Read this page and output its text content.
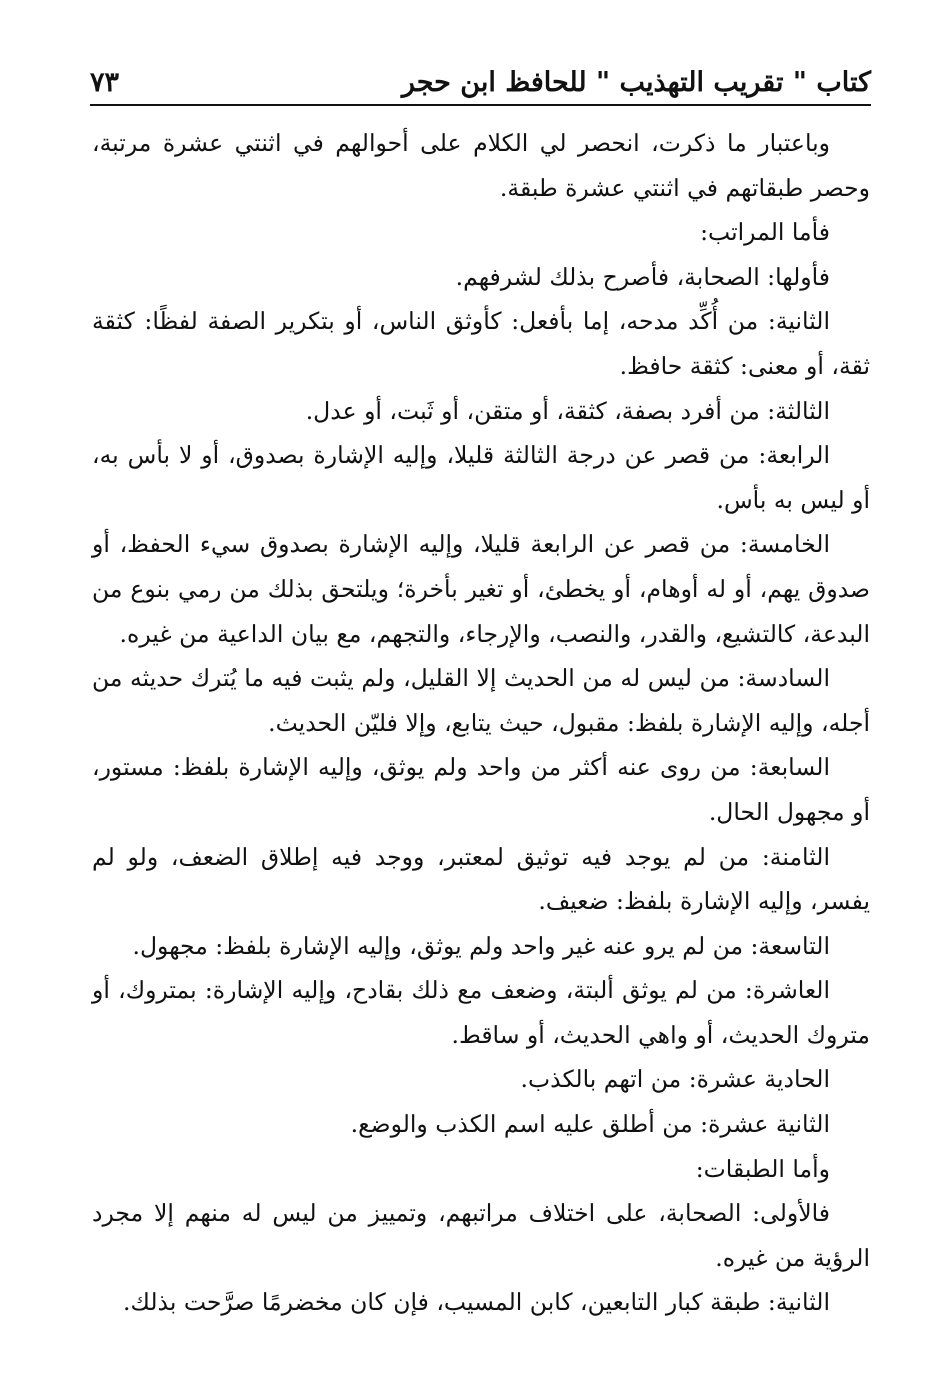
كتاب " تقريب التهذيب " للحافظ ابن حجر
٧٣

وباعتبار ما ذكرت، انحصر لي الكلام على أحوالهم في اثنتي عشرة مرتبة، وحصر طبقاتهم في اثنتي عشرة طبقة.

فأما المراتب:

فأولها: الصحابة، فأصرح بذلك لشرفهم.

الثانية: من أُكِّد مدحه، إما بأفعل: كأوثق الناس، أو بتكرير الصفة لفظًا: كثقة ثقة، أو معنى: كثقة حافظ.

الثالثة: من أفرد بصفة، كثقة، أو متقن، أو ثَبت، أو عدل.

الرابعة: من قصر عن درجة الثالثة قليلا، وإليه الإشارة بصدوق، أو لا بأس به، أو ليس به بأس.

الخامسة: من قصر عن الرابعة قليلا، وإليه الإشارة بصدوق سيء الحفظ، أو صدوق يهم، أو له أوهام، أو يخطئ، أو تغير بأخرة؛ ويلتحق بذلك من رمي بنوع من البدعة، كالتشيع، والقدر، والنصب، والإرجاء، والتجهم، مع بيان الداعية من غيره.

السادسة: من ليس له من الحديث إلا القليل، ولم يثبت فيه ما يُترك حديثه من أجله، وإليه الإشارة بلفظ: مقبول، حيث يتابع، وإلا فليّن الحديث.

السابعة: من روى عنه أكثر من واحد ولم يوثق، وإليه الإشارة بلفظ: مستور، أو مجهول الحال.

الثامنة: من لم يوجد فيه توثيق لمعتبر، ووجد فيه إطلاق الضعف، ولو لم يفسر، وإليه الإشارة بلفظ: ضعيف.

التاسعة: من لم يرو عنه غير واحد ولم يوثق، وإليه الإشارة بلفظ: مجهول.

العاشرة: من لم يوثق ألبتة، وضعف مع ذلك بقادح، وإليه الإشارة: بمتروك، أو متروك الحديث، أو واهي الحديث، أو ساقط.

الحادية عشرة: من اتهم بالكذب.

الثانية عشرة: من أطلق عليه اسم الكذب والوضع.

وأما الطبقات:

فالأولى: الصحابة، على اختلاف مراتبهم، وتمييز من ليس له منهم إلا مجرد الرؤية من غيره.

الثانية: طبقة كبار التابعين، كابن المسيب، فإن كان مخضرمًا صرَّحت بذلك.
